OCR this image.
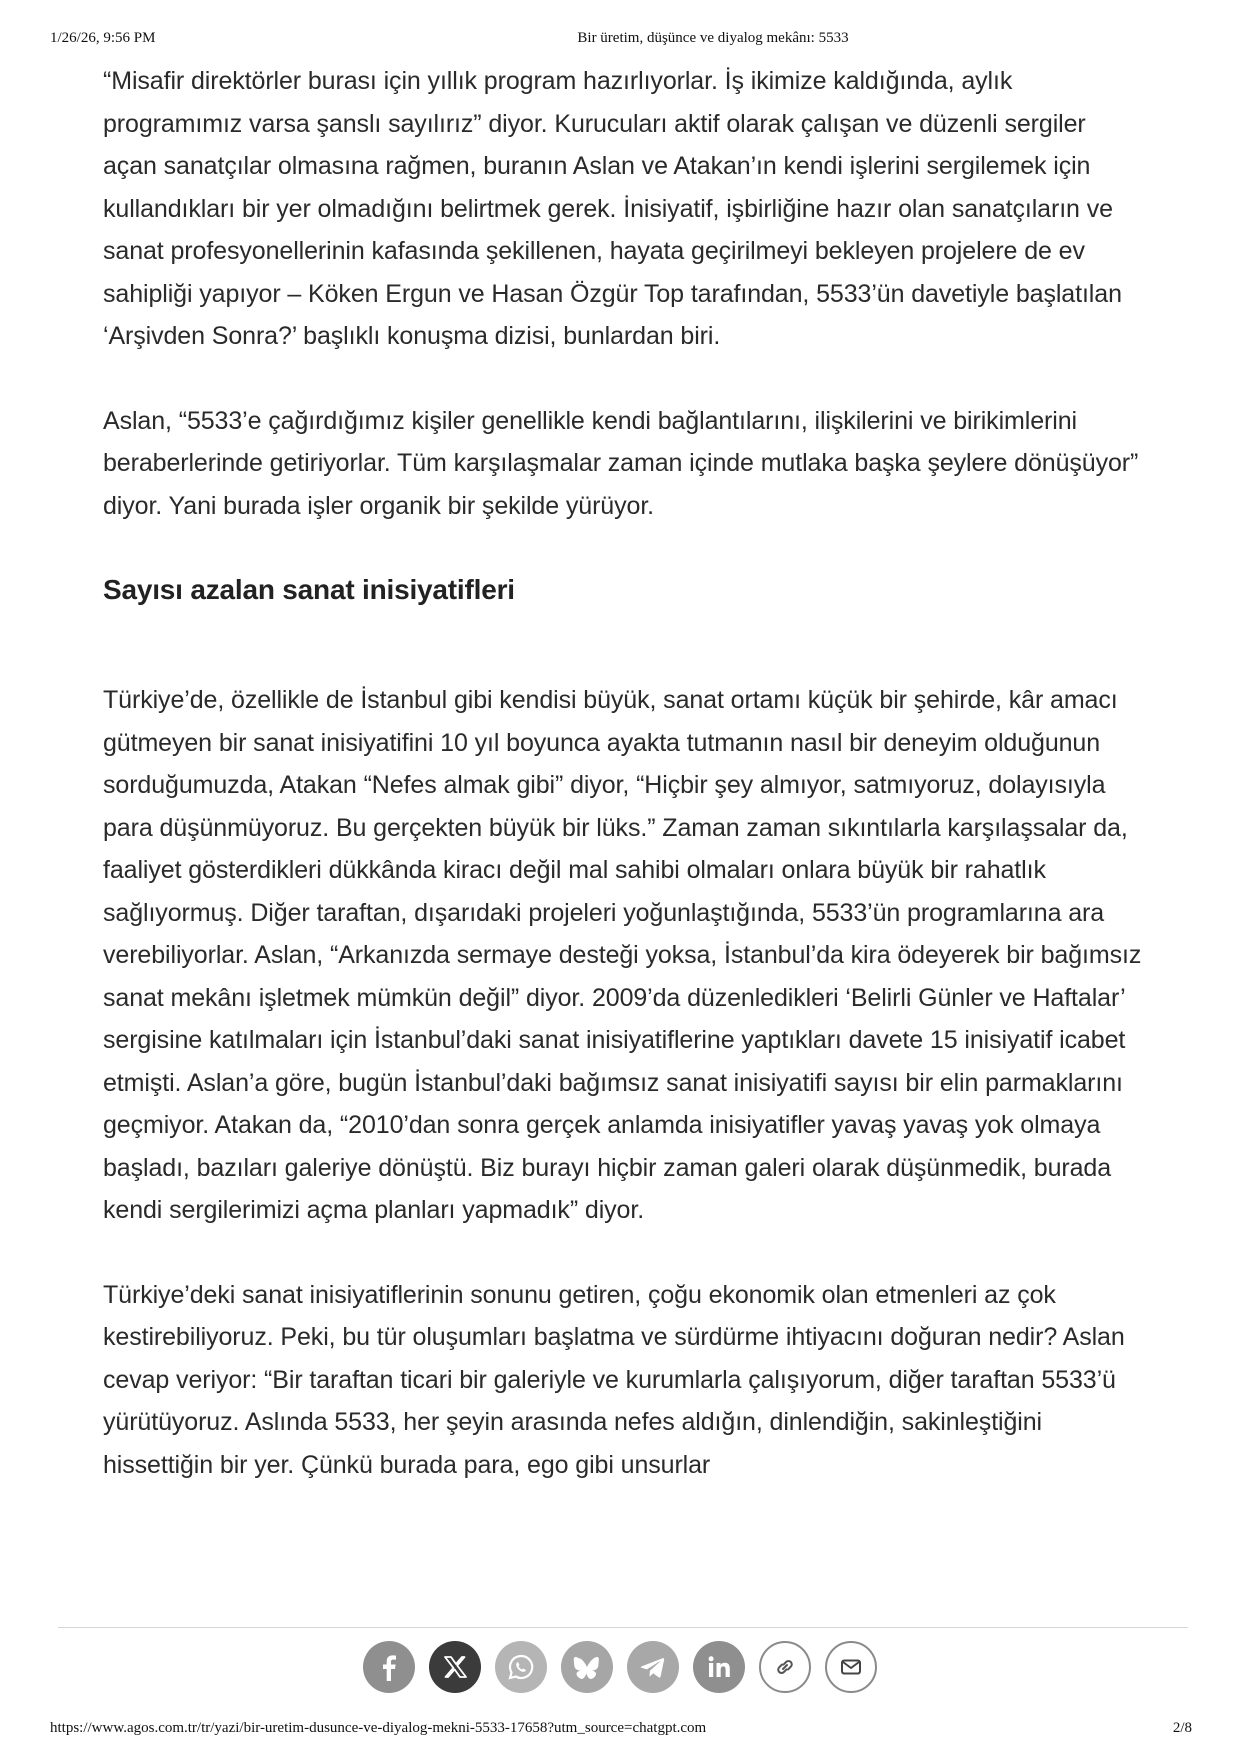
1/26/26, 9:56 PM	Bir üretim, düşünce ve diyalog mekânı: 5533

“Misafir direktörler burası için yıllık program hazırlıyorlar. İş ikimize kaldığında, aylık programımız varsa şanslı sayılırız” diyor. Kurucuları aktif olarak çalışan ve düzenli sergiler açan sanatçılar olmasına rağmen, buranın Aslan ve Atakan’ın kendi işlerini sergilemek için kullandıkları bir yer olmadığını belirtmek gerek. İnisiyatif, işbirliğine hazır olan sanatçıların ve sanat profesyonellerinin kafasında şekillenen, hayata geçirilmeyi bekleyen projelere de ev sahipliği yapıyor – Köken Ergun ve Hasan Özgür Top tarafından, 5533’ün davetiyle başlatılan ‘Arşivden Sonra?’ başlıklı konuşma dizisi, bunlardan biri.

Aslan, “5533’e çağırdığımız kişiler genellikle kendi bağlantılarını, ilişkilerini ve birikimlerini beraberlerinde getiriyorlar. Tüm karşılaşmalar zaman içinde mutlaka başka şeylere dönüşüyor” diyor. Yani burada işler organik bir şekilde yürüyor.

Sayısı azalan sanat inisiyatifleri

Türkiye’de, özellikle de İstanbul gibi kendisi büyük, sanat ortamı küçük bir şehirde, kâr amacı gütmeyen bir sanat inisiyatifini 10 yıl boyunca ayakta tutmanın nasıl bir deneyim olduğunun sorduğumuzda, Atakan “Nefes almak gibi” diyor, “Hiçbir şey almıyor, satmıyoruz, dolayısıyla para düşünmüyoruz. Bu gerçekten büyük bir lüks.” Zaman zaman sıkıntılarla karşılaşsalar da, faaliyet gösterdikleri dükkânda kiracı değil mal sahibi olmaları onlara büyük bir rahatlık sağlıyormuş. Diğer taraftan, dışarıdaki projeleri yoğunlaştığında, 5533’ün programlarına ara verebiliyorlar. Aslan, “Arkanızda sermaye desteği yoksa, İstanbul’da kira ödeyerek bir bağımsız sanat mekânı işletmek mümkün değil” diyor. 2009’da düzenledikleri ‘Belirli Günler ve Haftalar’ sergisine katılmaları için İstanbul’daki sanat inisiyatiflerine yaptıkları davete 15 inisiyatif icabet etmişti. Aslan’a göre, bugün İstanbul’daki bağımsız sanat inisiyatifi sayısı bir elin parmaklarını geçmiyor. Atakan da, “2010’dan sonra gerçek anlamda inisiyatifler yavaş yavaş yok olmaya başladı, bazıları galeriye dönüştü. Biz burayı hiçbir zaman galeri olarak düşünmedik, burada kendi sergilerimizi açma planları yapmadık” diyor.

Türkiye’deki sanat inisiyatiflerinin sonunu getiren, çoğu ekonomik olan etmenleri az çok kestirebiliyoruz. Peki, bu tür oluşumları başlatma ve sürdürme ihtiyacını doğuran nedir? Aslan cevap veriyor: “Bir taraftan ticari bir galeriyle ve kurumlarla çalışıyorum, diğer taraftan 5533’ü yürütüyoruz. Aslında 5533, her şeyin arasında nefes aldığın, dinlendiğin, sakinleştiğini hissettiğin bir yer. Çünkü burada para, ego gibi unsurlar

https://www.agos.com.tr/tr/yazi/bir-uretim-dusunce-ve-diyalog-mekni-5533-17658?utm_source=chatgpt.com	2/8
